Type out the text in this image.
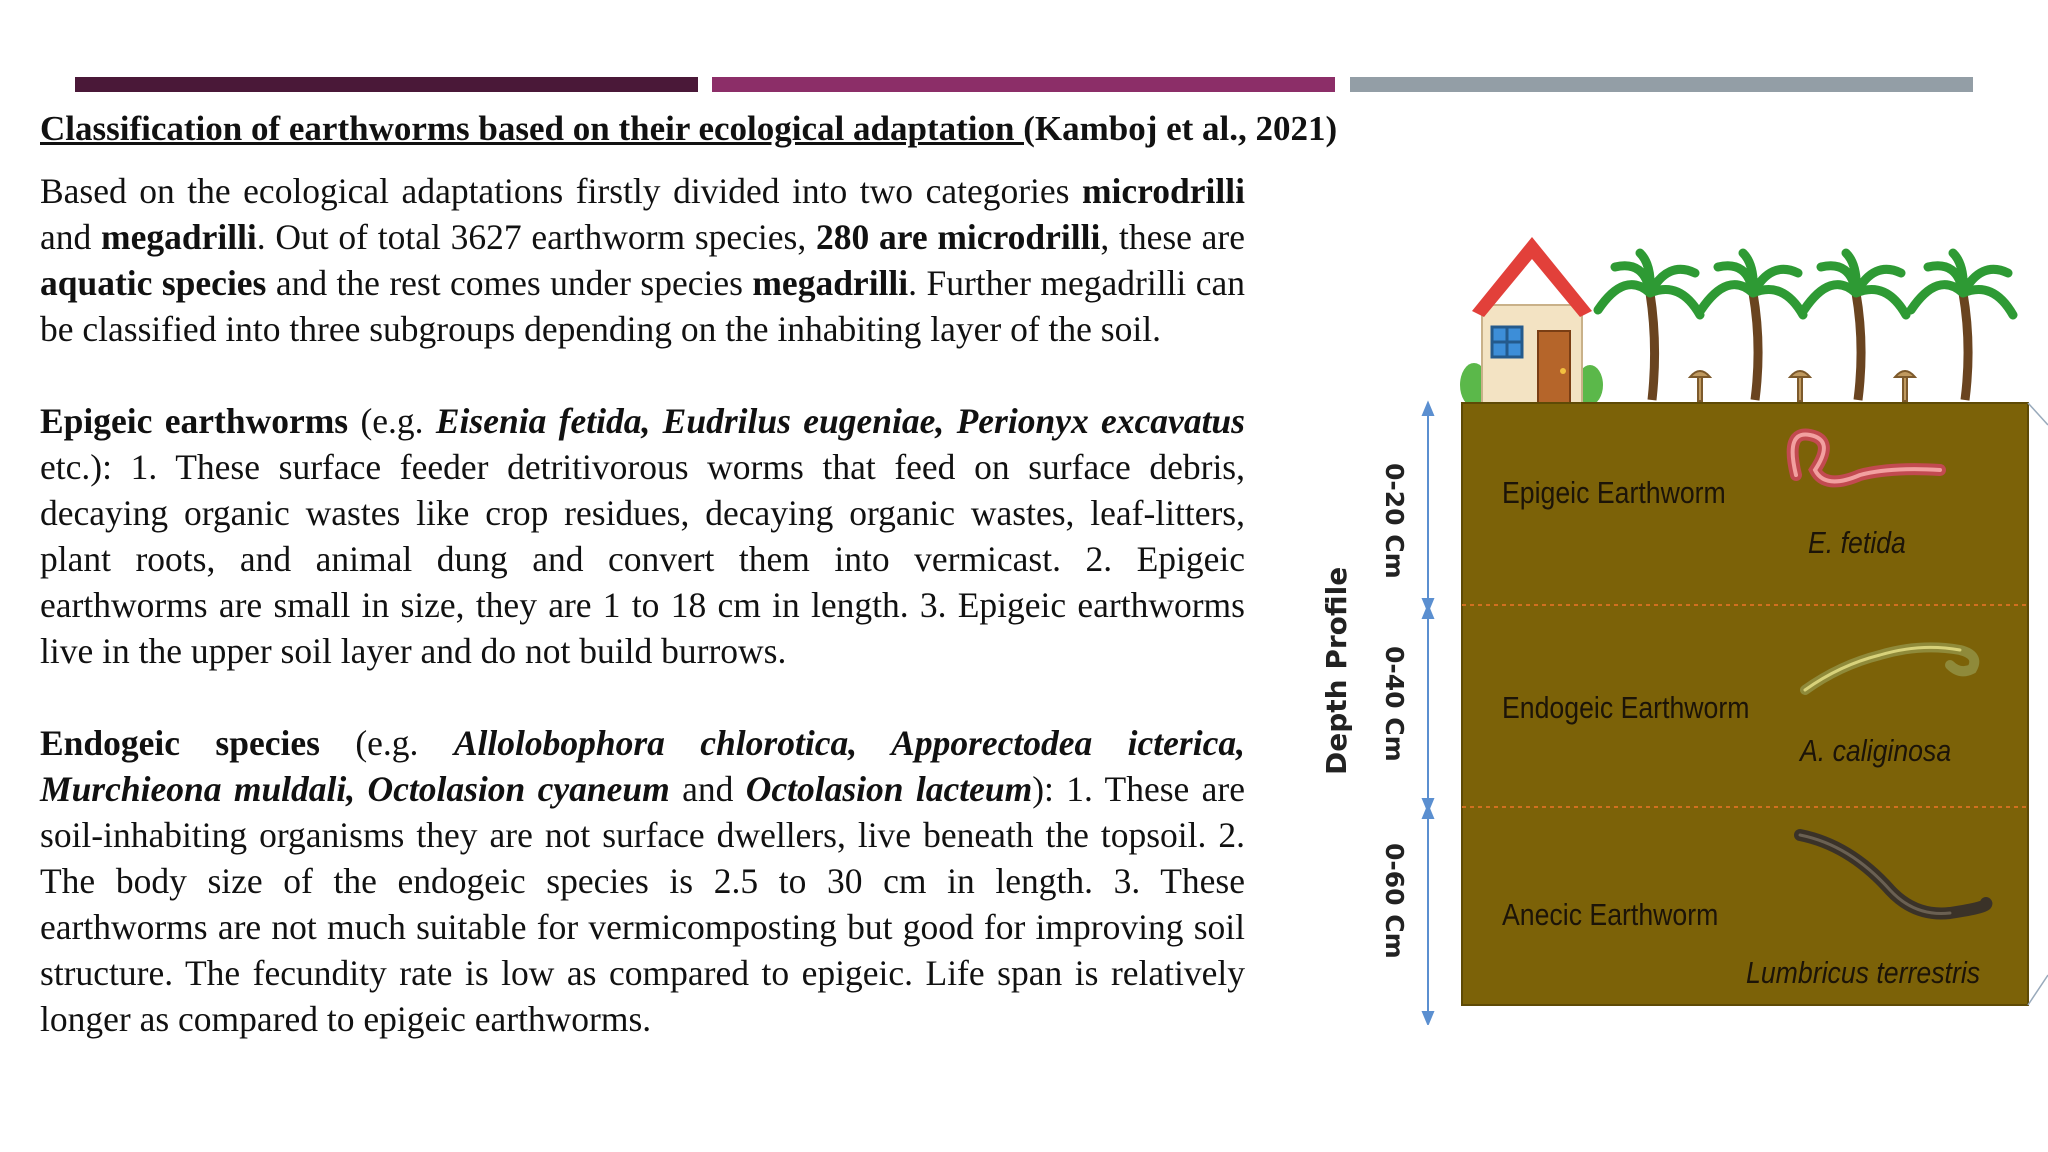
Classification of earthworms based on their ecological adaptation (Kamboj et al., 2021)

Based on the ecological adaptations firstly divided into two categories microdrilli and megadrilli. Out of total 3627 earthworm species, 280 are microdrilli, these are aquatic species and the rest comes under species megadrilli. Further megadrilli can be classified into three subgroups depending on the inhabiting layer of the soil.

Epigeic earthworms (e.g. Eisenia fetida, Eudrilus eugeniae, Perionyx excavatus etc.): 1. These surface feeder detritivorous worms that feed on surface debris, decaying organic wastes like crop residues, decaying organic wastes, leaf-litters, plant roots, and animal dung and convert them into vermicast. 2. Epigeic earthworms are small in size, they are 1 to 18 cm in length. 3. Epigeic earthworms live in the upper soil layer and do not build burrows.

Endogeic species (e.g. Allolobophora chlorotica, Apporectodea icterica, Murchieona muldali, Octolasion cyaneum and Octolasion lacteum): 1. These are soil-inhabiting organisms they are not surface dwellers, live beneath the topsoil. 2. The body size of the endogeic species is 2.5 to 30 cm in length. 3. These earthworms are not much suitable for vermicomposting but good for improving soil structure. The fecundity rate is low as compared to epigeic. Life span is relatively longer as compared to epigeic earthworms.

Depth Profile
0-20 Cm
0-40 Cm
0-60 Cm
Epigeic Earthworm
E. fetida
Endogeic Earthworm
A. caliginosa
Anecic Earthworm
Lumbricus terrestris
